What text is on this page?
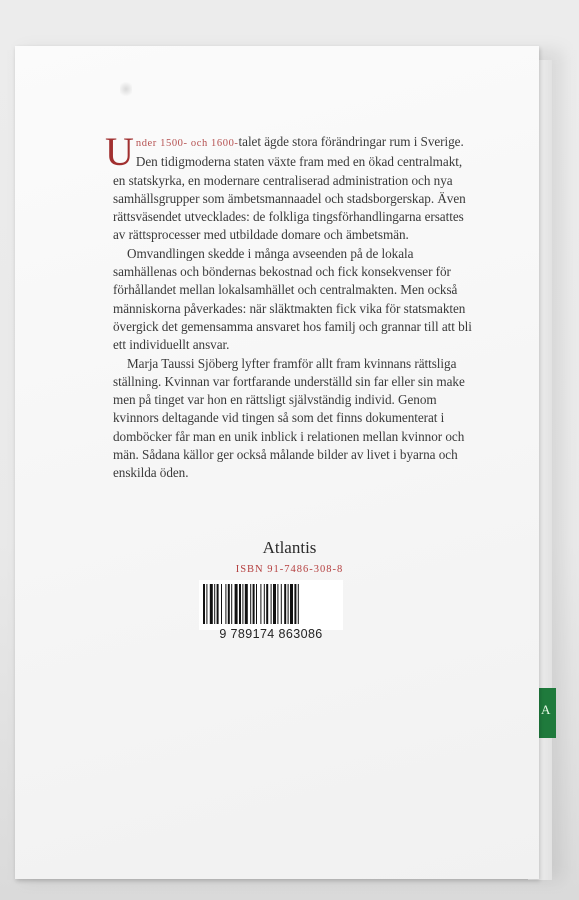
A

Under 1500- och 1600-talet ägde stora förändringar rum i Sverige. Den tidigmoderna staten växte fram med en ökad centralmakt, en statskyrka, en modernare centraliserad administration och nya samhällsgrupper som ämbetsmannaadel och stadsborgerskap. Även rättsväsendet utvecklades: de folkliga tingsförhandlingarna ersattes av rättsprocesser med utbildade domare och ämbetsmän.

Omvandlingen skedde i många avseenden på de lokala samhällenas och böndernas bekostnad och fick konsekvenser för förhållandet mellan lokalsamhället och centralmakten. Men också människorna påverkades: när släktmakten fick vika för statsmakten övergick det gemensamma ansvaret hos familj och grannar till att bli ett individuellt ansvar.

Marja Taussi Sjöberg lyfter framför allt fram kvinnans rättsliga ställning. Kvinnan var fortfarande underställd sin far eller sin make men på tinget var hon en rättsligt självständig individ. Genom kvinnors deltagande vid tingen så som det finns dokumenterat i domböcker får man en unik inblick i relationen mellan kvinnor och män. Sådana källor ger också målande bilder av livet i byarna och enskilda öden.

Atlantis
ISBN 91-7486-308-8
9 789174 863086
